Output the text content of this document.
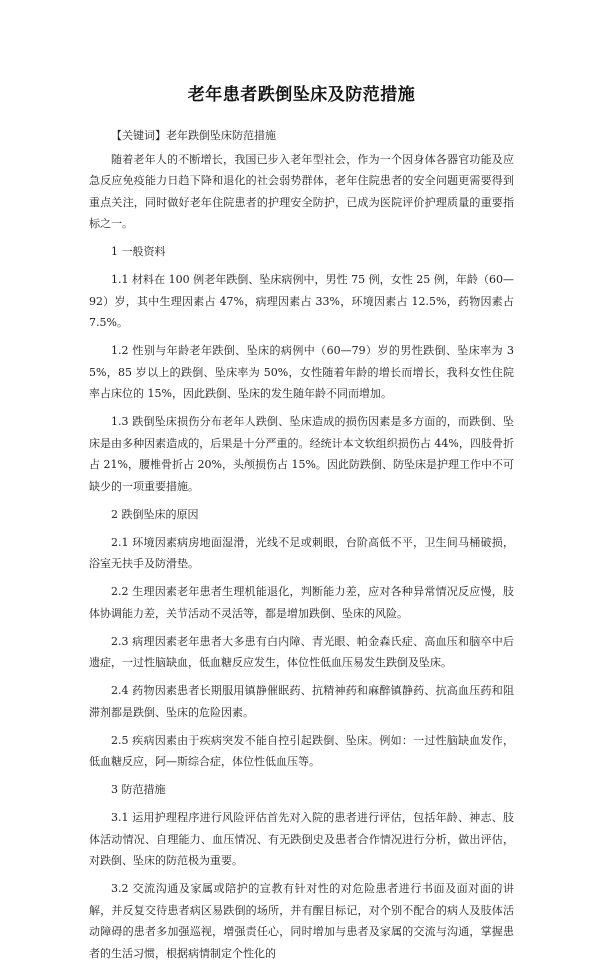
老年患者跌倒坠床及防范措施

【关键词】老年跌倒坠床防范措施

随着老年人的不断增长，我国已步入老年型社会，作为一个因身体各器官功能及应急反应免疫能力日趋下降和退化的社会弱势群体，老年住院患者的安全问题更需要得到重点关注，同时做好老年住院患者的护理安全防护，已成为医院评价护理质量的重要指标之一。

1 一般资料

1.1 材料在 100 例老年跌倒、坠床病例中，男性 75 例，女性 25 例，年龄（60—92）岁，其中生理因素占 47%，病理因素占 33%，环境因素占 12.5%，药物因素占 7.5%。

1.2 性别与年龄老年跌倒、坠床的病例中（60—79）岁的男性跌倒、坠床率为 35%，85 岁以上的跌倒、坠床率为 50%，女性随着年龄的增长而增长，我科女性住院率占床位的 15%，因此跌倒、坠床的发生随年龄不同而增加。

1.3 跌倒坠床损伤分布老年人跌倒、坠床造成的损伤因素是多方面的，而跌倒、坠床是由多种因素造成的，后果是十分严重的。经统计本文软组织损伤占 44%，四肢骨折占 21%，腰椎骨折占 20%，头颅损伤占 15%。因此防跌倒、防坠床是护理工作中不可缺少的一项重要措施。

2 跌倒坠床的原因

2.1 环境因素病房地面湿滑，光线不足或刺眼，台阶高低不平，卫生间马桶破损，浴室无扶手及防滑垫。

2.2 生理因素老年患者生理机能退化，判断能力差，应对各种异常情况反应慢，肢体协调能力差，关节活动不灵活等，都是增加跌倒、坠床的风险。

2.3 病理因素老年患者大多患有白内障、青光眼、帕金森氏症、高血压和脑卒中后遗症，一过性脑缺血，低血糖反应发生，体位性低血压易发生跌倒及坠床。

2.4 药物因素患者长期服用镇静催眠药、抗精神药和麻醉镇静药、抗高血压药和阻滞剂都是跌倒、坠床的危险因素。

2.5 疾病因素由于疾病突发不能自控引起跌倒、坠床。例如：一过性脑缺血发作，低血糖反应，阿—斯综合症，体位性低血压等。

3 防范措施

3.1 运用护理程序进行风险评估首先对入院的患者进行评估，包括年龄、神志、肢体活动情况、自理能力、血压情况、有无跌倒史及患者合作情况进行分析，做出评估，对跌倒、坠床的防范极为重要。

3.2 交流沟通及家属或陪护的宣教有针对性的对危险患者进行书面及面对面的讲解，并反复交待患者病区易跌倒的场所，并有醒目标记，对个别不配合的病人及肢体活动障碍的患者多加强巡视，增强责任心，同时增加与患者及家属的交流与沟通，掌握患者的生活习惯，根据病情制定个性化的
